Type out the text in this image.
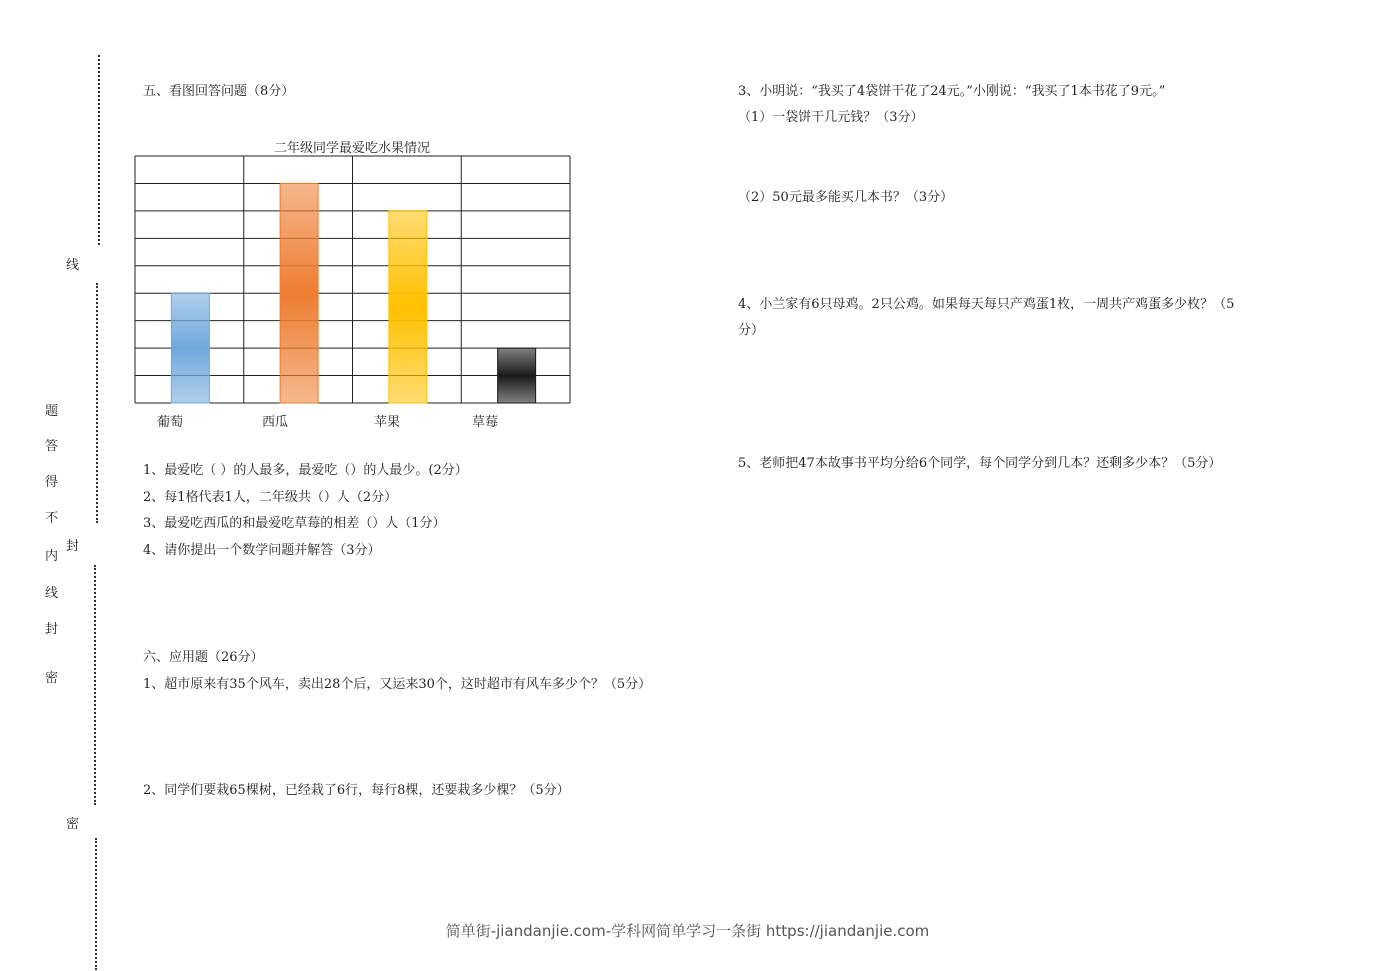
线
封
密
题
答
得
不
内
线
封
密
五、看图回答问题（8分）
二年级同学最爱吃水果情况
葡萄	西瓜	苹果	草莓
1、最爱吃（ ）的人最多，最爱吃（）的人最少。(2分）
2、每1格代表1人，二年级共（）人（2分）
3、最爱吃西瓜的和最爱吃草莓的相差（）人（1分）
4、请你提出一个数学问题并解答（3分）
六、应用题（26分）
1、超市原来有35个风车，卖出28个后，又运来30个，这时超市有风车多少个？（5分）
2、同学们要栽65棵树，已经栽了6行，每行8棵，还要栽多少棵？（5分）
3、小明说：“我买了4袋饼干花了24元。”小刚说：“我买了1本书花了9元。”
（1）一袋饼干几元钱？（3分）
（2）50元最多能买几本书？（3分）
4、小兰家有6只母鸡。2只公鸡。如果每天每只产鸡蛋1枚，一周共产鸡蛋多少枚？（5
分）
5、老师把47本故事书平均分给6个同学，每个同学分到几本？还剩多少本？（5分）
简单街-jiandanjie.com-学科网简单学习一条街 https://jiandanjie.com
